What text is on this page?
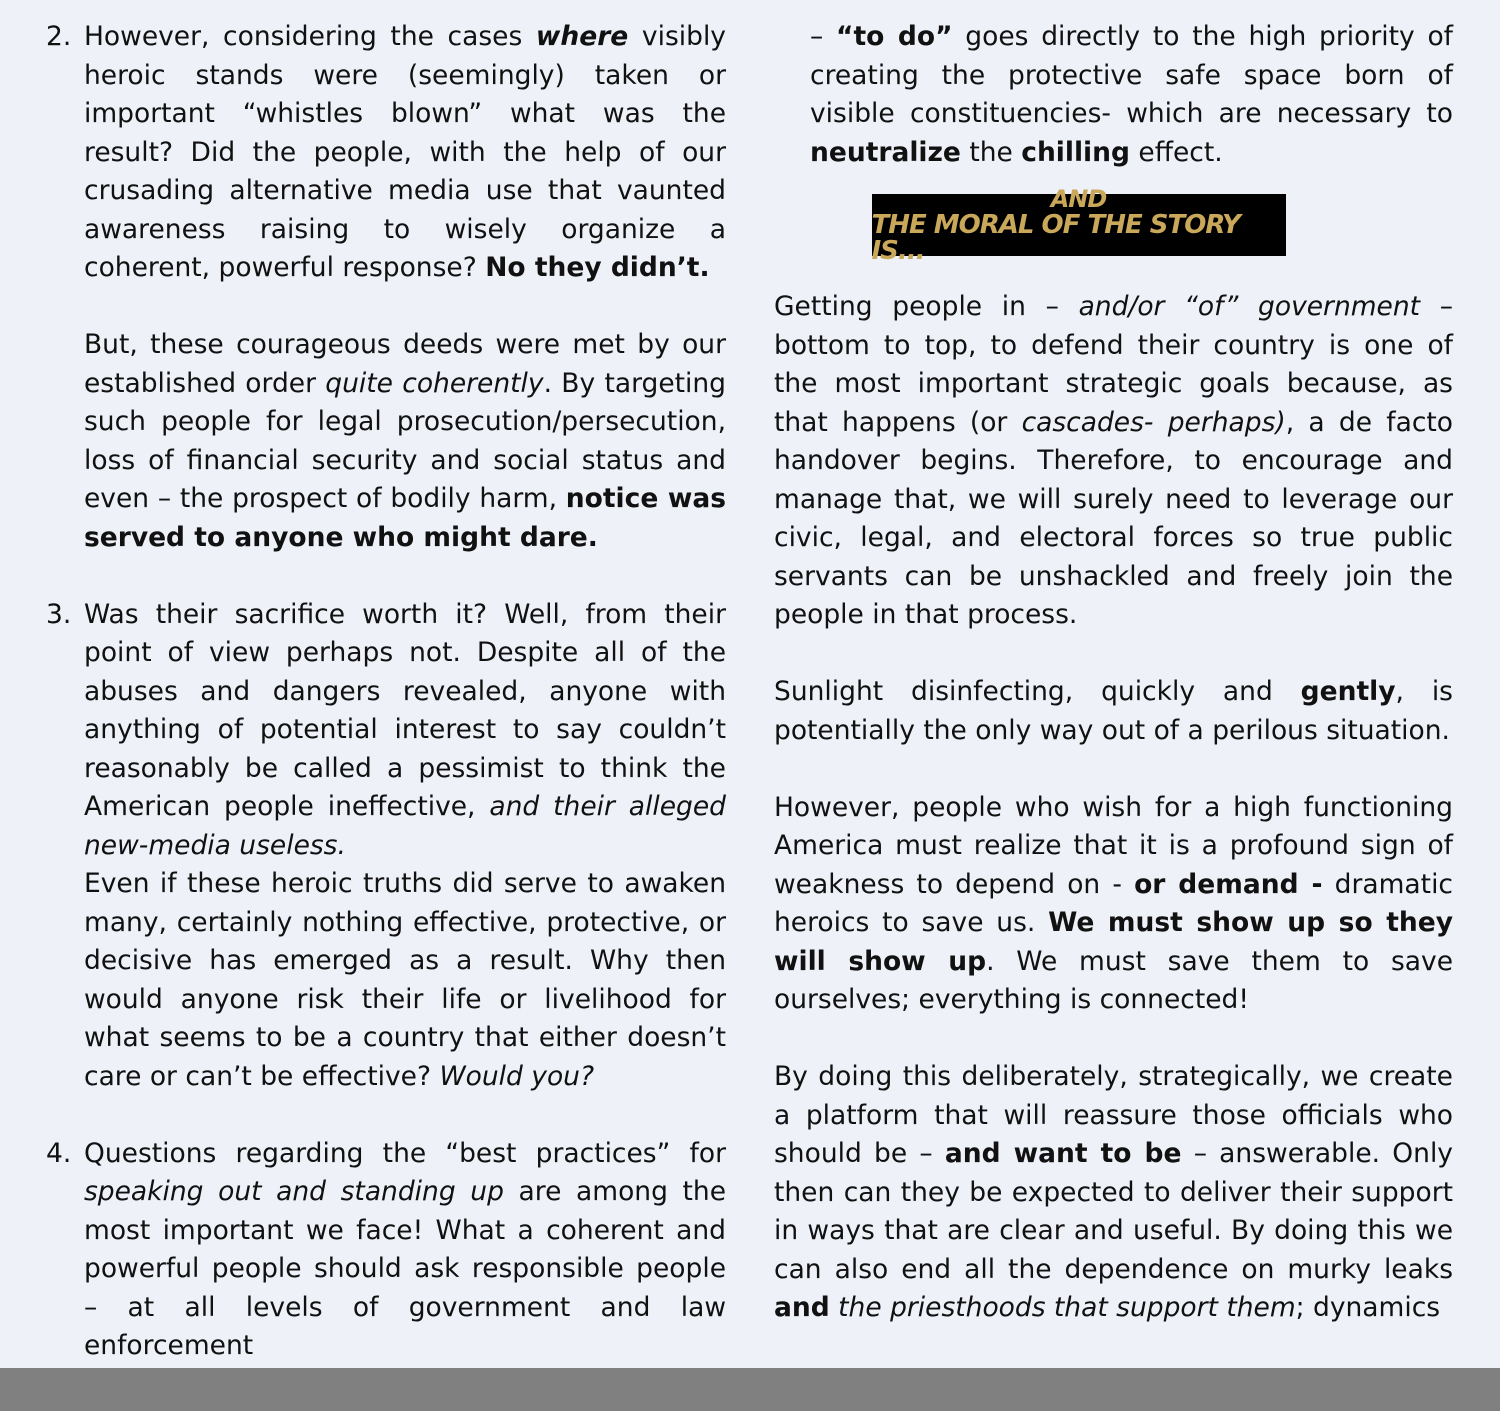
2. However, considering the cases where visibly heroic stands were (seemingly) taken or important “whistles blown” what was the result? Did the people, with the help of our crusading alternative media use that vaunted awareness raising to wisely organize a coherent, powerful response? No they didn’t.

But, these courageous deeds were met by our established order quite coherently. By targeting such people for legal prosecution/persecution, loss of financial security and social status and even – the prospect of bodily harm, notice was served to anyone who might dare.

3. Was their sacrifice worth it? Well, from their point of view perhaps not. Despite all of the abuses and dangers revealed, anyone with anything of potential interest to say couldn’t reasonably be called a pessimist to think the American people ineffective, and their alleged new-media useless.

Even if these heroic truths did serve to awaken many, certainly nothing effective, protective, or decisive has emerged as a result. Why then would anyone risk their life or livelihood for what seems to be a country that either doesn’t care or can’t be effective? Would you?

4. Questions regarding the “best practices” for speaking out and standing up are among the most important we face! What a coherent and powerful people should ask responsible people – at all levels of government and law enforcement

– “to do” goes directly to the high priority of creating the protective safe space born of visible constituencies- which are necessary to neutralize the chilling effect.

AND
THE MORAL OF THE STORY IS...

Getting people in – and/or “of” government – bottom to top, to defend their country is one of the most important strategic goals because, as that happens (or cascades- perhaps), a de facto handover begins. Therefore, to encourage and manage that, we will surely need to leverage our civic, legal, and electoral forces so true public servants can be unshackled and freely join the people in that process.

Sunlight disinfecting, quickly and gently, is potentially the only way out of a perilous situation.

However, people who wish for a high functioning America must realize that it is a profound sign of weakness to depend on - or demand - dramatic heroics to save us. We must show up so they will show up. We must save them to save ourselves; everything is connected!

By doing this deliberately, strategically, we create a platform that will reassure those officials who should be – and want to be – answerable. Only then can they be expected to deliver their support in ways that are clear and useful. By doing this we can also end all the dependence on murky leaks and the priesthoods that support them; dynamics
